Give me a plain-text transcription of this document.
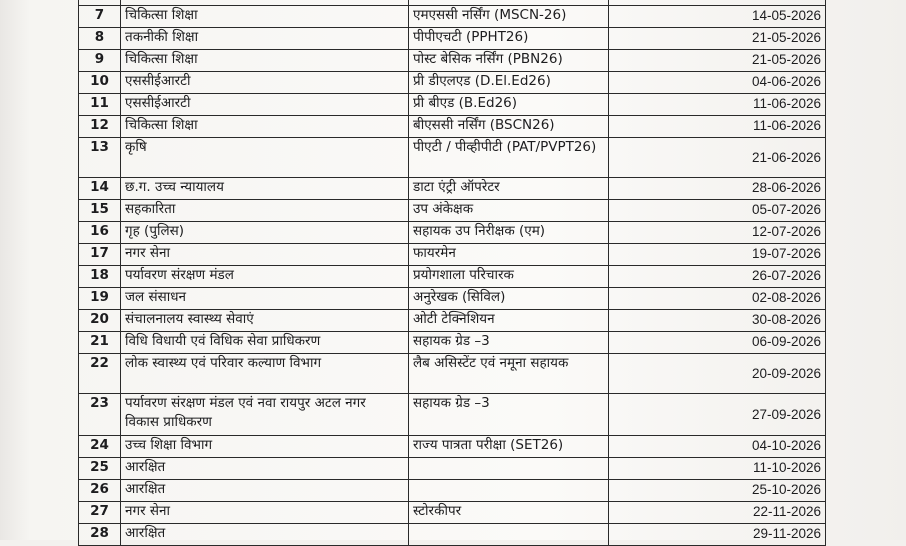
7	चिकित्सा शिक्षा	एमएससी नर्सिंग (MSCN-26)	14-05-2026
8	तकनीकी शिक्षा	पीपीएचटी (PPHT26)	21-05-2026
9	चिकित्सा शिक्षा	पोस्ट बेसिक नर्सिंग (PBN26)	21-05-2026
10	एससीईआरटी	प्री डीएलएड (D.El.Ed26)	04-06-2026
11	एससीईआरटी	प्री बीएड (B.Ed26)	11-06-2026
12	चिकित्सा शिक्षा	बीएससी नर्सिंग (BSCN26)	11-06-2026
13	कृषि	पीएटी / पीव्हीपीटी (PAT/PVPT26)	21-06-2026
14	छ.ग. उच्च न्यायालय	डाटा एंट्री ऑपरेटर	28-06-2026
15	सहकारिता	उप अंकेक्षक	05-07-2026
16	गृह (पुलिस)	सहायक उप निरीक्षक (एम)	12-07-2026
17	नगर सेना	फायरमेन	19-07-2026
18	पर्यावरण संरक्षण मंडल	प्रयोगशाला परिचारक	26-07-2026
19	जल संसाधन	अनुरेखक (सिविल)	02-08-2026
20	संचालनालय स्वास्थ्य सेवाएं	ओटी टेक्निशियन	30-08-2026
21	विधि विधायी एवं विधिक सेवा प्राधिकरण	सहायक ग्रेड –3	06-09-2026
22	लोक स्वास्थ्य एवं परिवार कल्याण विभाग	लैब असिस्टेंट एवं नमूना सहायक	20-09-2026
23	पर्यावरण संरक्षण मंडल एवं नवा रायपुर अटल नगर विकास प्राधिकरण	सहायक ग्रेड –3	27-09-2026
24	उच्च शिक्षा विभाग	राज्य पात्रता परीक्षा (SET26)	04-10-2026
25	आरक्षित		11-10-2026
26	आरक्षित		25-10-2026
27	नगर सेना	स्टोरकीपर	22-11-2026
28	आरक्षित		29-11-2026
